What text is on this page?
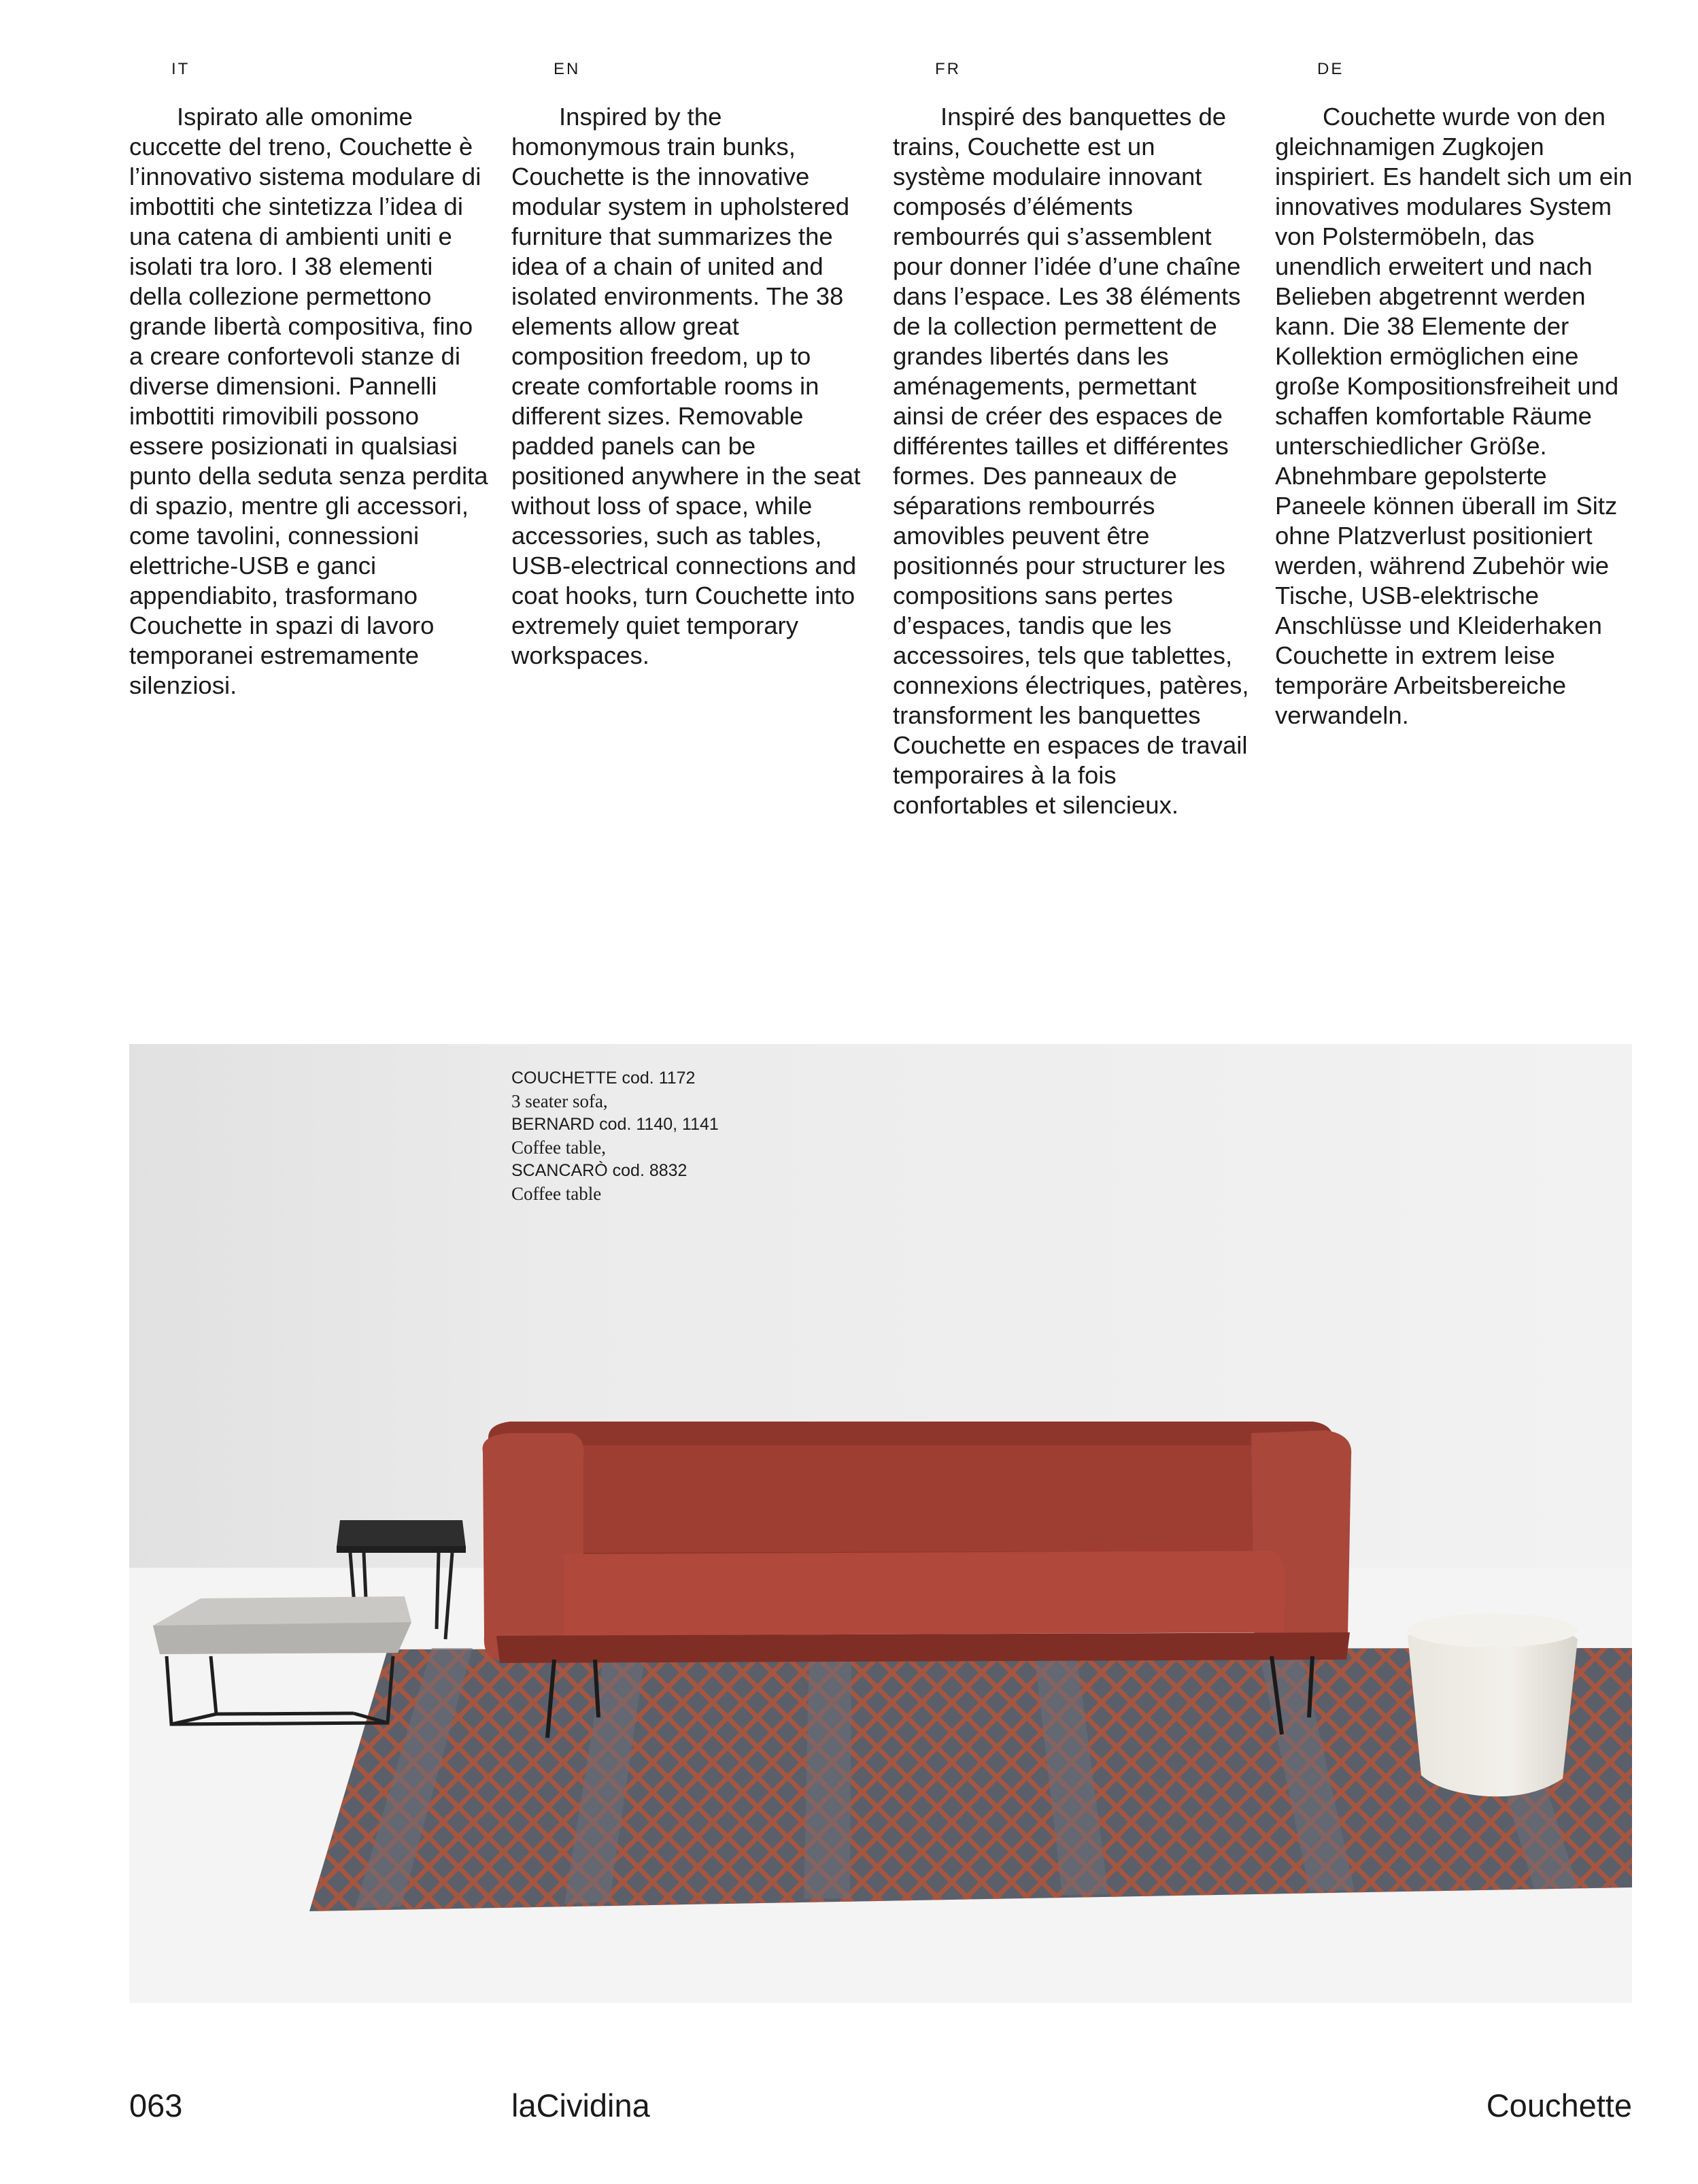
IT

Ispirato alle omonime cuccette del treno, Couchette è l’innovativo sistema modulare di imbottiti che sintetizza l’idea di una catena di ambienti uniti e isolati tra loro. I 38 elementi della collezione permettono grande libertà compositiva, fino a creare confortevoli stanze di diverse dimensioni. Pannelli imbottiti rimovibili possono essere posizionati in qualsiasi punto della seduta senza perdita di spazio, mentre gli accessori, come tavolini, connessioni elettriche-USB e ganci appendiabito, trasformano Couchette in spazi di lavoro temporanei estremamente silenziosi.

EN

Inspired by the homonymous train bunks, Couchette is the innovative modular system in upholstered furniture that summarizes the idea of a chain of united and isolated environments. The 38 elements allow great composition freedom, up to create comfortable rooms in different sizes. Removable padded panels can be positioned anywhere in the seat without loss of space, while accessories, such as tables, USB-electrical connections and coat hooks, turn Couchette into extremely quiet temporary workspaces.

FR

Inspiré des banquettes de trains, Couchette est un système modulaire innovant composés d’éléments rembourrés qui s’assemblent pour donner l’idée d’une chaîne dans l’espace. Les 38 éléments de la collection permettent de grandes libertés dans les aménagements, permettant ainsi de créer des espaces de différentes tailles et différentes formes. Des panneaux de séparations rembourrés amovibles peuvent être positionnés pour structurer les compositions sans pertes d’espaces, tandis que les accessoires, tels que tablettes, connexions électriques, patères, transforment les banquettes Couchette en espaces de travail temporaires à la fois confortables et silencieux.

DE

Couchette wurde von den gleichnamigen Zugkojen inspiriert. Es handelt sich um ein innovatives modulares System von Polstermöbeln, das unendlich erweitert und nach Belieben abgetrennt werden kann. Die 38 Elemente der Kollektion ermöglichen eine große Kompositionsfreiheit und schaffen komfortable Räume unterschiedlicher Größe. Abnehmbare gepolsterte Paneele können überall im Sitz ohne Platzverlust positioniert werden, während Zubehör wie Tische, USB-elektrische Anschlüsse und Kleiderhaken Couchette in extrem leise temporäre Arbeitsbereiche verwandeln.

COUCHETTE cod. 1172
3 seater sofa,
BERNARD cod. 1140, 1141
Coffee table,
SCANCARÒ cod. 8832
Coffee table
063	laCividina	Couchette
